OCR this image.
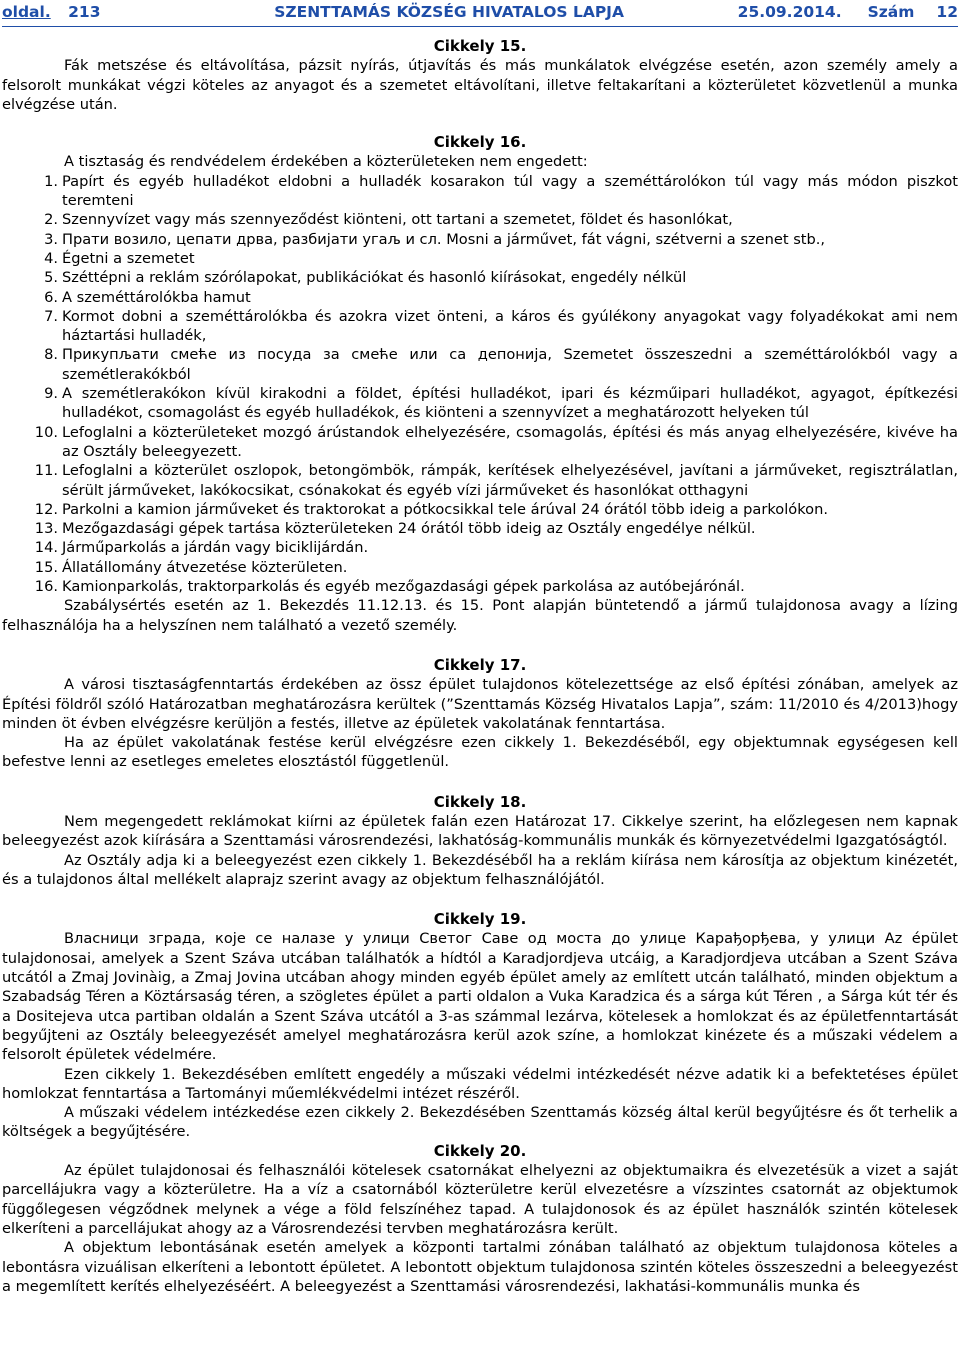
oldal. 213	SZENTTAMÁS KÖZSÉG HIVATALOS LAPJA	25.09.2014. Szám 12
Cikkely 15.

Fák metszése és eltávolítása, pázsit nyírás, útjavítás és más munkálatok elvégzése esetén, azon személy amely a felsorolt munkákat végzi köteles az anyagot és a szemetet eltávolítani, illetve feltakarítani a közterületet közvetlenül a munka elvégzése után.

Cikkely 16.

A tisztaság és rendvédelem érdekében a közterületeken nem engedett:

1. Papírt és egyéb hulladékot eldobni a hulladék kosarakon túl vagy a szeméttárolókon túl vagy más módon piszkot teremteni
2. Szennyvízet vagy más szennyeződést kiönteni, ott tartani a szemetet, földet és hasonlókat,
3. Прати возило, цепати дрва, разбијати угаљ и сл. Mosni a járművet, fát vágni, szétverni a szenet stb.,
4. Égetni a szemetet
5. Széttépni a reklám szórólapokat, publikációkat és hasonló kiírásokat, engedély nélkül
6. A szeméttárolókba hamut
7. Kormot dobni a szeméttárolókba és azokra vizet önteni, a káros és gyúlékony anyagokat vagy folyadékokat ami nem háztartási hulladék,
8. Прикупљати смеће из посуда за смеће или са депонија, Szemetet összeszedni a szeméttárolókból vagy a szemétlerakókból
9. A szemétlerakókon kívül kirakodni a földet, építési hulladékot, ipari és kézműipari hulladékot, agyagot, építkezési hulladékot, csomagolást és egyéb hulladékok, és kiönteni a szennyvízet a meghatározott helyeken túl
10. Lefoglalni a közterületeket mozgó árústandok elhelyezésére, csomagolás, építési és más anyag elhelyezésére, kivéve ha az Osztály beleegyezett.
11. Lefoglalni a közterület oszlopok, betongömbök, rámpák, kerítések elhelyezésével, javítani a járműveket, regisztrálatlan, sérült járműveket, lakókocsikat, csónakokat és egyéb vízi járműveket és hasonlókat otthagyni
12. Parkolni a kamion járműveket és traktorokat a pótkocsikkal tele árúval 24 órától több ideig a parkolókon.
13. Mezőgazdasági gépek tartása közterületeken 24 órától több ideig az Osztály engedélye nélkül.
14. Járműparkolás a járdán vagy biciklijárdán.
15. Állatállomány átvezetése közterületen.
16. Kamionparkolás, traktorparkolás és egyéb mezőgazdasági gépek parkolása az autóbejárónál.

Szabálysértés esetén az 1. Bekezdés 11.12.13. és 15. Pont alapján büntetendő a jármű tulajdonosa avagy a lízing felhasználója ha a helyszínen nem található a vezető személy.

Cikkely 17.

A városi tisztaságfenntartás érdekében az össz épület tulajdonos kötelezettsége az első építési zónában, amelyek az Építési földről szóló Határozatban meghatározásra kerültek (”Szenttamás Község Hivatalos Lapja”, szám: 11/2010 és 4/2013)hogy minden öt évben elvégzésre kerüljön a festés, illetve az épületek vakolatának fenntartása.

Ha az épület vakolatának festése kerül elvégzésre ezen cikkely 1. Bekezdéséből, egy objektumnak egységesen kell befestve lenni az esetleges emeletes elosztástól függetlenül.

Cikkely 18.

Nem megengedett reklámokat kiírni az épületek falán ezen Határozat 17. Cikkelye szerint, ha előzlegesen nem kapnak beleegyezést azok kiírására a Szenttamási városrendezési, lakhatóság-kommunális munkák és környezetvédelmi Igazgatóságtól.

Az Osztály adja ki a beleegyezést ezen cikkely 1. Bekezdéséből ha a reklám kiírása nem károsítja az objektum kinézetét, és a tulajdonos által mellékelt alaprajz szerint avagy az objektum felhasználójától.

Cikkely 19.

Власници зграда, које се налазе у улици Светог Саве од моста до улице Карађорђева, у улици Az épület tulajdonosai, amelyek a Szent Száva utcában találhatók a hídtól a Karadjordjeva utcáig, a Karadjordjeva utcában a Szent Száva utcától a Zmaj Jovinàig, a Zmaj Jovina utcában ahogy minden egyéb épület amely az említett utcán található, minden objektum a Szabadság Téren a Köztársaság téren, a szögletes épület a parti oldalon a Vuka Karadzica és a sárga kút Téren , a Sárga kút tér és a Dositejeva utca partiban oldalán a Szent Száva utcától a 3-as számmal lezárva, kötelesek a homlokzat és az épületfenntartását begyűjteni az Osztály beleegyezését amelyel meghatározásra kerül azok színe, a homlokzat kinézete és a műszaki védelem a felsorolt épületek védelmére.

Ezen cikkely 1. Bekezdésében említett engedély a műszaki védelmi intézkedését nézve adatik ki a befektetéses épület homlokzat fenntartása a Tartományi műemlékvédelmi intézet részéről.

A műszaki védelem intézkedése ezen cikkely 2. Bekezdésében Szenttamás község által kerül begyűjtésre és őt terhelik a költségek a begyűjtésére.

Cikkely 20.

Az épület tulajdonosai és felhasználói kötelesek csatornákat elhelyezni az objektumaikra és elvezetésük a vizet a saját parcellájukra vagy a közterületre. Ha a víz a csatornából közterületre kerül elvezetésre a vízszintes csatornát az objektumok függőlegesen végződnek melynek a vége a föld felszínéhez tapad. A tulajdonosok és az épület használók szintén kötelesek elkeríteni a parcellájukat ahogy az a Városrendezési tervben meghatározásra került.

A objektum lebontásának esetén amelyek a központi tartalmi zónában található az objektum tulajdonosa köteles a lebontásra vizuálisan elkeríteni a lebontott épületet. A lebontott objektum tulajdonosa szintén köteles összeszedni a beleegyezést a megemlített kerítés elhelyezéséért. A beleegyezést a Szenttamási városrendezési, lakhatási-kommunális munka és
